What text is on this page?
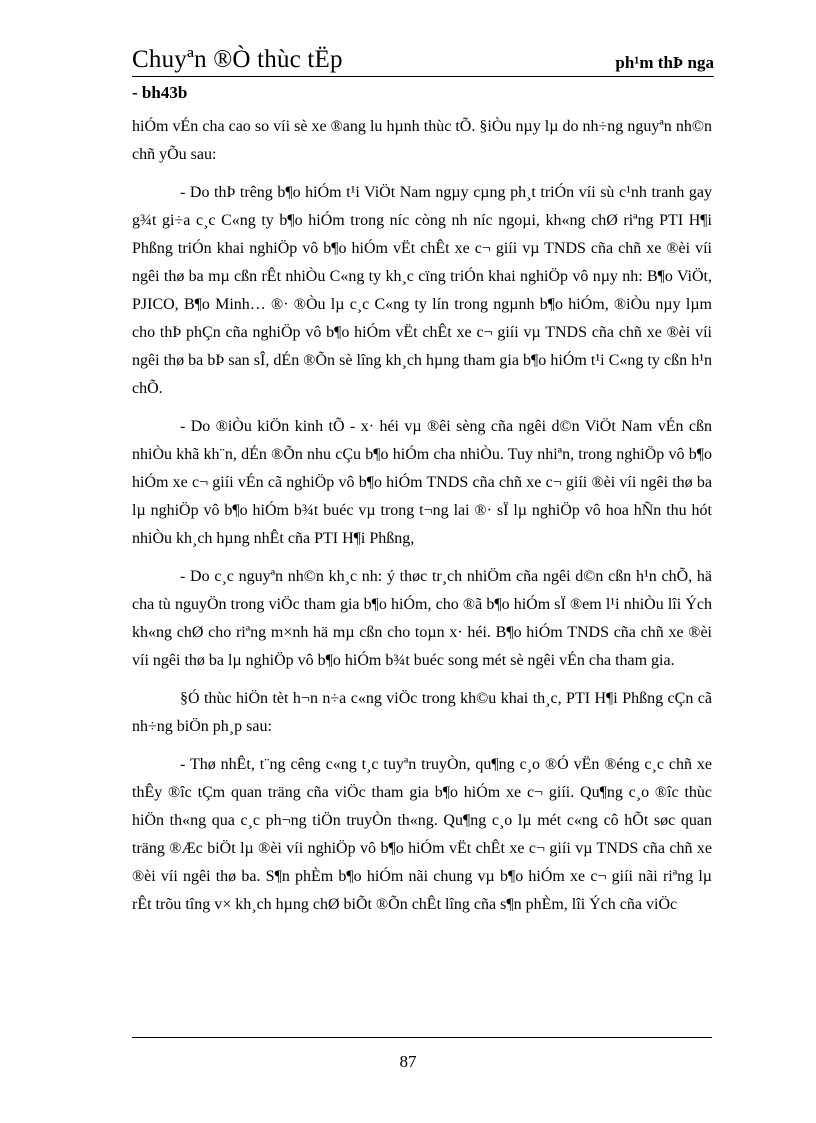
Chuyªn ®Ò thùc tËp	ph¹m thÞ nga
- bh43b

hiÓm vÉn cha cao so víi sè xe ®ang lu hµnh thùc tÕ. §iÒu nµy lµ do nh÷ng nguyªn nh©n chñ yÕu sau:

- Do thÞ trêng b¶o hiÓm t¹i ViÖt Nam ngµy cµng ph¸t triÓn víi sù c¹nh tranh gay g¾t gi÷a c¸c C«ng ty b¶o hiÓm trong níc còng nh níc ngoµi, kh«ng chØ riªng PTI H¶i Phßng triÓn khai nghiÖp vô b¶o hiÓm vËt chÊt xe c¬ giíi vµ TNDS cña chñ xe ®èi víi ngêi thø ba mµ cßn rÊt nhiÒu C«ng ty kh¸c cïng triÓn khai nghiÖp vô nµy nh: B¶o ViÖt, PJICO, B¶o Minh… ®· ®Òu lµ c¸c C«ng ty lín trong ngµnh b¶o hiÓm, ®iÒu nµy lµm cho thÞ phÇn cña nghiÖp vô b¶o hiÓm vËt chÊt xe c¬ giíi vµ TNDS cña chñ xe ®èi víi ngêi thø ba bÞ san sÎ, dÉn ®Õn sè lîng kh¸ch hµng tham gia b¶o hiÓm t¹i C«ng ty cßn h¹n chÕ.

- Do ®iÒu kiÖn kinh tÕ - x· héi vµ ®êi sèng cña ngêi d©n ViÖt Nam vÉn cßn nhiÒu khã kh¨n, dÉn ®Õn nhu cÇu b¶o hiÓm cha nhiÒu. Tuy nhiªn, trong nghiÖp vô b¶o hiÓm xe c¬ giíi vÉn cã nghiÖp vô b¶o hiÓm TNDS cña chñ xe c¬ giíi ®èi víi ngêi thø ba lµ nghiÖp vô b¶o hiÓm b¾t buéc vµ trong t¬ng lai ®· sÏ lµ nghiÖp vô hoa hÑn thu hót nhiÒu kh¸ch hµng nhÊt cña PTI H¶i Phßng,

- Do c¸c nguyªn nh©n kh¸c nh: ý thøc tr¸ch nhiÖm cña ngêi d©n cßn h¹n chÕ, hä cha tù nguyÖn trong viÖc tham gia b¶o hiÓm, cho ®ã b¶o hiÓm sÏ ®em l¹i nhiÒu lîi Ých kh«ng chØ cho riªng m×nh hä mµ cßn cho toµn x· héi. B¶o hiÓm TNDS cña chñ xe ®èi víi ngêi thø ba lµ nghiÖp vô b¶o hiÓm b¾t buéc song mét sè ngêi vÉn cha tham gia.

§Ó thùc hiÖn tèt h¬n n÷a c«ng viÖc trong kh©u khai th¸c, PTI H¶i Phßng cÇn cã nh÷ng biÖn ph¸p sau:

- Thø nhÊt, t¨ng cêng c«ng t¸c tuyªn truyÒn, qu¶ng c¸o ®Ó vËn ®éng c¸c chñ xe thÊy ®îc tÇm quan träng cña viÖc tham gia b¶o hiÓm xe c¬ giíi. Qu¶ng c¸o ®îc thùc hiÖn th«ng qua c¸c ph¬ng tiÖn truyÒn th«ng. Qu¶ng c¸o lµ mét c«ng cô hÕt søc quan träng ®Æc biÖt lµ ®èi víi nghiÖp vô b¶o hiÓm vËt chÊt xe c¬ giíi vµ TNDS cña chñ xe ®èi víi ngêi thø ba. S¶n phÈm b¶o hiÓm nãi chung vµ b¶o hiÓm xe c¬ giíi nãi riªng lµ rÊt trõu tîng v× kh¸ch hµng chØ biÕt ®Õn chÊt lîng cña s¶n phÈm, lîi Ých cña viÖc

87
